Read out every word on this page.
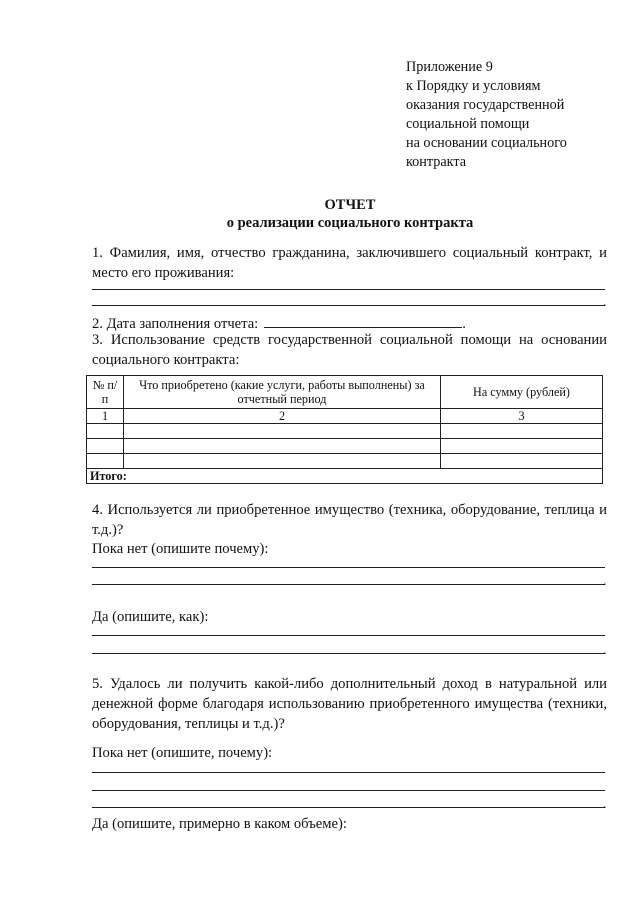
Приложение 9
к Порядку и условиям
оказания государственной
социальной помощи
на основании социального
контракта
ОТЧЕТ
о реализации социального контракта
1. Фамилия, имя, отчество гражданина, заключившего социальный контракт, и место его проживания:
.
2. Дата заполнения отчета:	.
3. Использование средств государственной социальной помощи на основании социального контракта:
№ п/п	Что приобретено (какие услуги, работы выполнены) за отчетный период	На сумму (рублей)
1	2	3

Итого:		
4. Используется ли приобретенное имущество (техника, оборудование, теплица и т.д.)?
Пока нет (опишите почему):
.
Да (опишите, как):
.
5. Удалось ли получить какой-либо дополнительный доход в натуральной или денежной форме благодаря использованию приобретенного имущества (техники, оборудования, теплицы и т.д.)?
Пока нет (опишите, почему):
.
Да (опишите, примерно в каком объеме):
